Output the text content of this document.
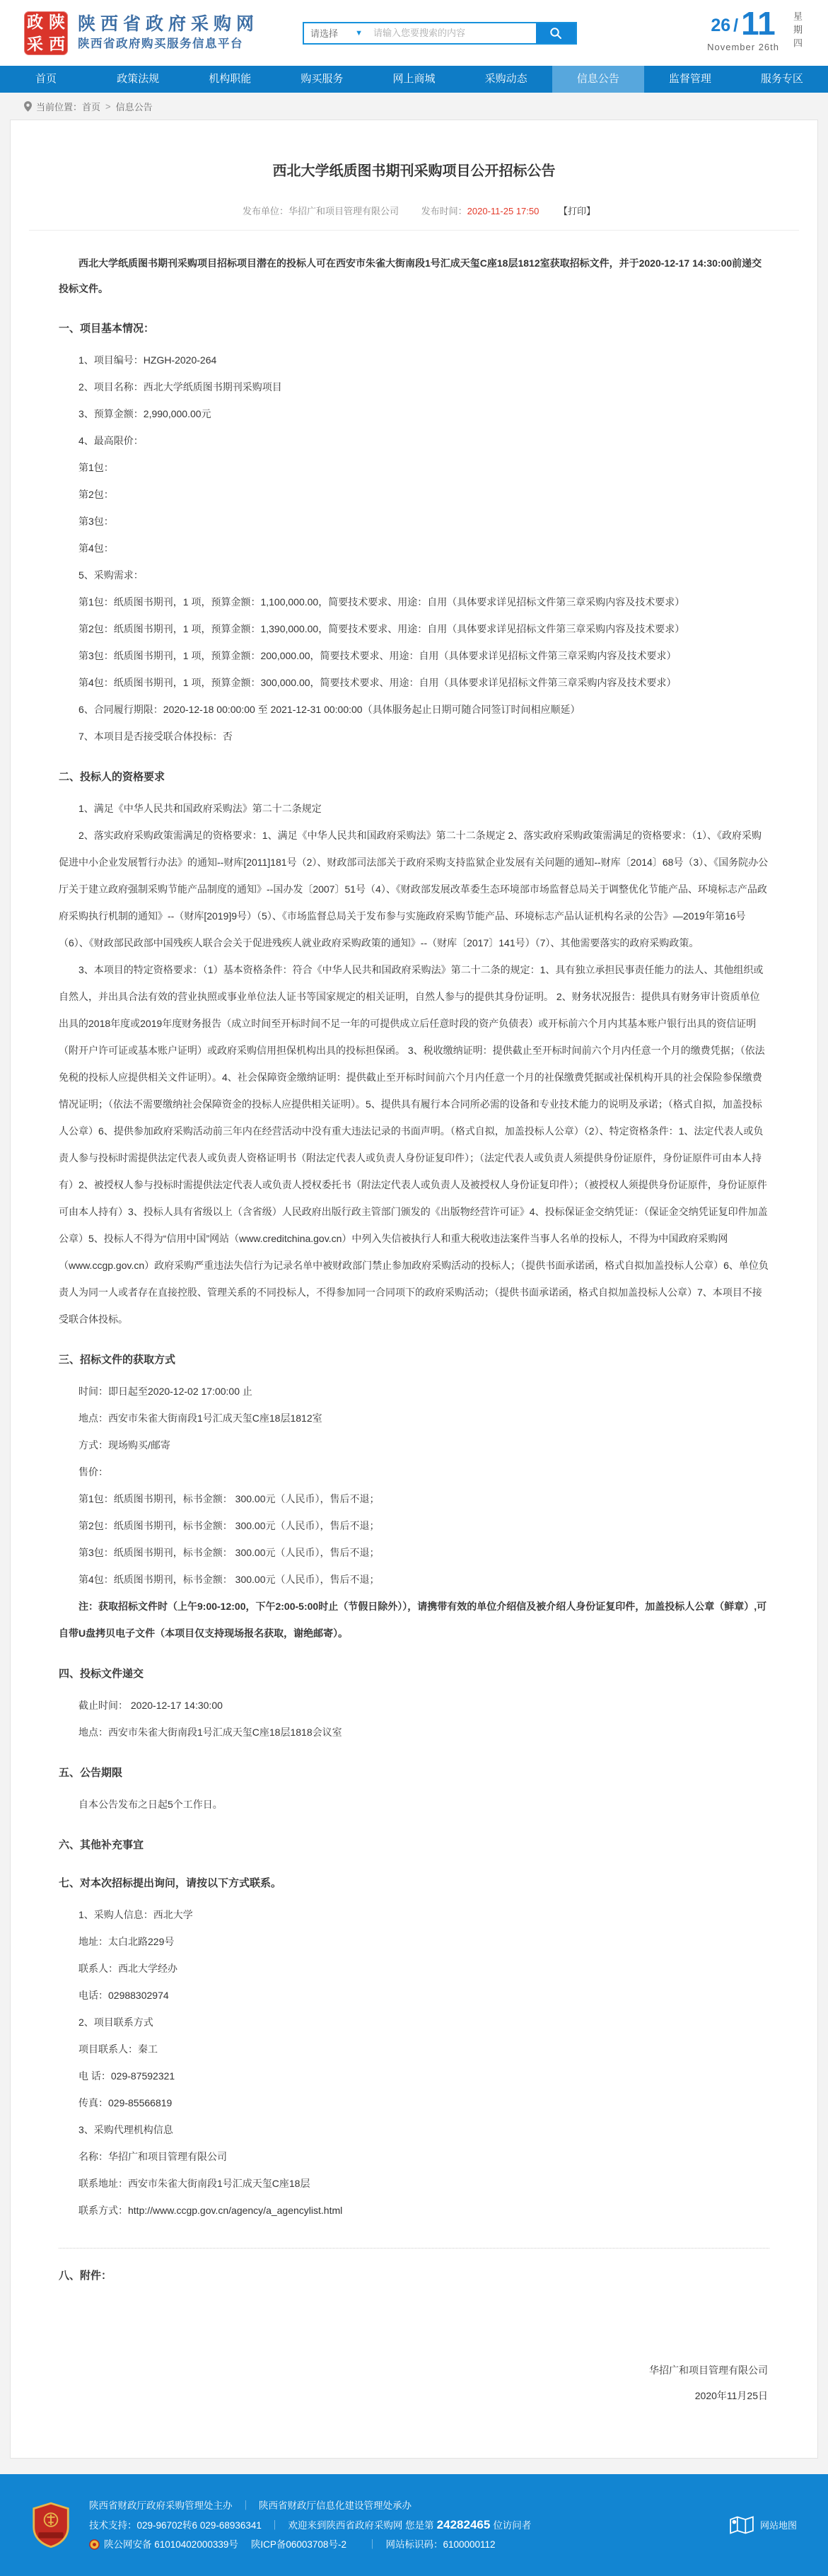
政 陕
采 西
陕西省政府采购网
陕西省政府购买服务信息平台
请选择 ▼
请输入您要搜索的内容	26 / 11
November 26th 星期四
首页	政策法规	机构职能	购买服务	网上商城	采购动态	信息公告	监督管理	服务专区
当前位置： 首页 > 信息公告
西北大学纸质图书期刊采购项目公开招标公告
发布单位：华招广和项目管理有限公司 发布时间：2020-11-25 17:50 【打印】

西北大学纸质图书期刊采购项目招标项目潜在的投标人可在西安市朱雀大街南段1号汇成天玺C座18层1812室获取招标文件，并于2020-12-17 14:30:00前递交投标文件。

一、项目基本情况：

1、项目编号：HZGH-2020-264

2、项目名称：西北大学纸质图书期刊采购项目

3、预算金额：2,990,000.00元

4、最高限价：

第1包：

第2包：

第3包：

第4包：

5、采购需求：

第1包：纸质图书期刊，1 项，预算金额：1,100,000.00，简要技术要求、用途：自用（具体要求详见招标文件第三章采购内容及技术要求）

第2包：纸质图书期刊，1 项，预算金额：1,390,000.00，简要技术要求、用途：自用（具体要求详见招标文件第三章采购内容及技术要求）

第3包：纸质图书期刊，1 项，预算金额：200,000.00，简要技术要求、用途：自用（具体要求详见招标文件第三章采购内容及技术要求）

第4包：纸质图书期刊，1 项，预算金额：300,000.00，简要技术要求、用途：自用（具体要求详见招标文件第三章采购内容及技术要求）

6、合同履行期限：2020-12-18 00:00:00 至 2021-12-31 00:00:00（具体服务起止日期可随合同签订时间相应顺延）

7、本项目是否接受联合体投标：否

二、投标人的资格要求

1、满足《中华人民共和国政府采购法》第二十二条规定

2、落实政府采购政策需满足的资格要求：1、满足《中华人民共和国政府采购法》第二十二条规定 2、落实政府采购政策需满足的资格要求：（1）、《政府采购促进中小企业发展暂行办法》的通知--财库[2011]181号（2）、财政部司法部关于政府采购支持监狱企业发展有关问题的通知--财库〔2014〕68号（3）、《国务院办公厅关于建立政府强制采购节能产品制度的通知》--国办发〔2007〕51号（4）、《财政部发展改革委生态环境部市场监督总局关于调整优化节能产品、环境标志产品政府采购执行机制的通知》--（财库[2019]9号）（5）、《市场监督总局关于发布参与实施政府采购节能产品、环境标志产品认证机构名录的公告》—2019年第16号（6）、《财政部民政部中国残疾人联合会关于促进残疾人就业政府采购政策的通知》--（财库〔2017〕141号）（7）、其他需要落实的政府采购政策。

3、本项目的特定资格要求：（1）基本资格条件：符合《中华人民共和国政府采购法》第二十二条的规定：1、具有独立承担民事责任能力的法人、其他组织或自然人，并出具合法有效的营业执照或事业单位法人证书等国家规定的相关证明，自然人参与的提供其身份证明。 2、财务状况报告：提供具有财务审计资质单位出具的2018年度或2019年度财务报告（成立时间至开标时间不足一年的可提供成立后任意时段的资产负债表）或开标前六个月内其基本账户银行出具的资信证明（附开户许可证或基本账户证明）或政府采购信用担保机构出具的投标担保函。 3、税收缴纳证明：提供截止至开标时间前六个月内任意一个月的缴费凭据；（依法免税的投标人应提供相关文件证明）。4、社会保障资金缴纳证明：提供截止至开标时间前六个月内任意一个月的社保缴费凭据或社保机构开具的社会保险参保缴费情况证明；（依法不需要缴纳社会保障资金的投标人应提供相关证明）。5、提供具有履行本合同所必需的设备和专业技术能力的说明及承诺；（格式自拟，加盖投标人公章）6、提供参加政府采购活动前三年内在经营活动中没有重大违法记录的书面声明。（格式自拟，加盖投标人公章）（2）、特定资格条件：1、法定代表人或负责人参与投标时需提供法定代表人或负责人资格证明书（附法定代表人或负责人身份证复印件）；（法定代表人或负责人须提供身份证原件，身份证原件可由本人持有）2、被授权人参与投标时需提供法定代表人或负责人授权委托书（附法定代表人或负责人及被授权人身份证复印件）；（被授权人须提供身份证原件，身份证原件可由本人持有）3、投标人具有省级以上（含省级）人民政府出版行政主管部门颁发的《出版物经营许可证》4、投标保证金交纳凭证：（保证金交纳凭证复印件加盖公章）5、投标人不得为“信用中国”网站（www.creditchina.gov.cn）中列入失信被执行人和重大税收违法案件当事人名单的投标人，不得为中国政府采购网（www.ccgp.gov.cn）政府采购严重违法失信行为记录名单中被财政部门禁止参加政府采购活动的投标人；（提供书面承诺函，格式自拟加盖投标人公章）6、单位负责人为同一人或者存在直接控股、管理关系的不同投标人，不得参加同一合同项下的政府采购活动；（提供书面承诺函，格式自拟加盖投标人公章）7、本项目不接受联合体投标。

三、招标文件的获取方式

时间：即日起至2020-12-02 17:00:00 止

地点：西安市朱雀大街南段1号汇成天玺C座18层1812室

方式：现场购买/邮寄

售价：

第1包：纸质图书期刊，标书金额： 300.00元（人民币），售后不退；

第2包：纸质图书期刊，标书金额： 300.00元（人民币），售后不退；

第3包：纸质图书期刊，标书金额： 300.00元（人民币），售后不退；

第4包：纸质图书期刊，标书金额： 300.00元（人民币），售后不退；

注：获取招标文件时（上午9:00-12:00，下午2:00-5:00时止（节假日除外）），请携带有效的单位介绍信及被介绍人身份证复印件，加盖投标人公章（鲜章）,可自带U盘拷贝电子文件（本项目仅支持现场报名获取，谢绝邮寄）。

四、投标文件递交

截止时间： 2020-12-17 14:30:00

地点：西安市朱雀大街南段1号汇成天玺C座18层1818会议室

五、公告期限

自本公告发布之日起5个工作日。

六、其他补充事宜

七、对本次招标提出询问，请按以下方式联系。

1、采购人信息：西北大学

地址：太白北路229号

联系人：西北大学经办

电话：02988302974

2、项目联系方式

项目联系人：秦工

电 话：029-87592321

传真：029-85566819

3、采购代理机构信息

名称：华招广和项目管理有限公司

联系地址：西安市朱雀大街南段1号汇成天玺C座18层

联系方式：http://www.ccgp.gov.cn/agency/a_agencylist.html

八、附件：

华招广和项目管理有限公司
2020年11月25日
陕西省财政厅政府采购管理处主办 ｜ 陕西省财政厅信息化建设管理处承办
技术支持：029-96702转6 029-68936341 ｜ 欢迎来到陕西省政府采购网 您是第 24282465 位访问者
陕公网安备 61010402000339号 陕ICP备06003708号-2 ｜ 网站标识码：6100000112
网站地图
